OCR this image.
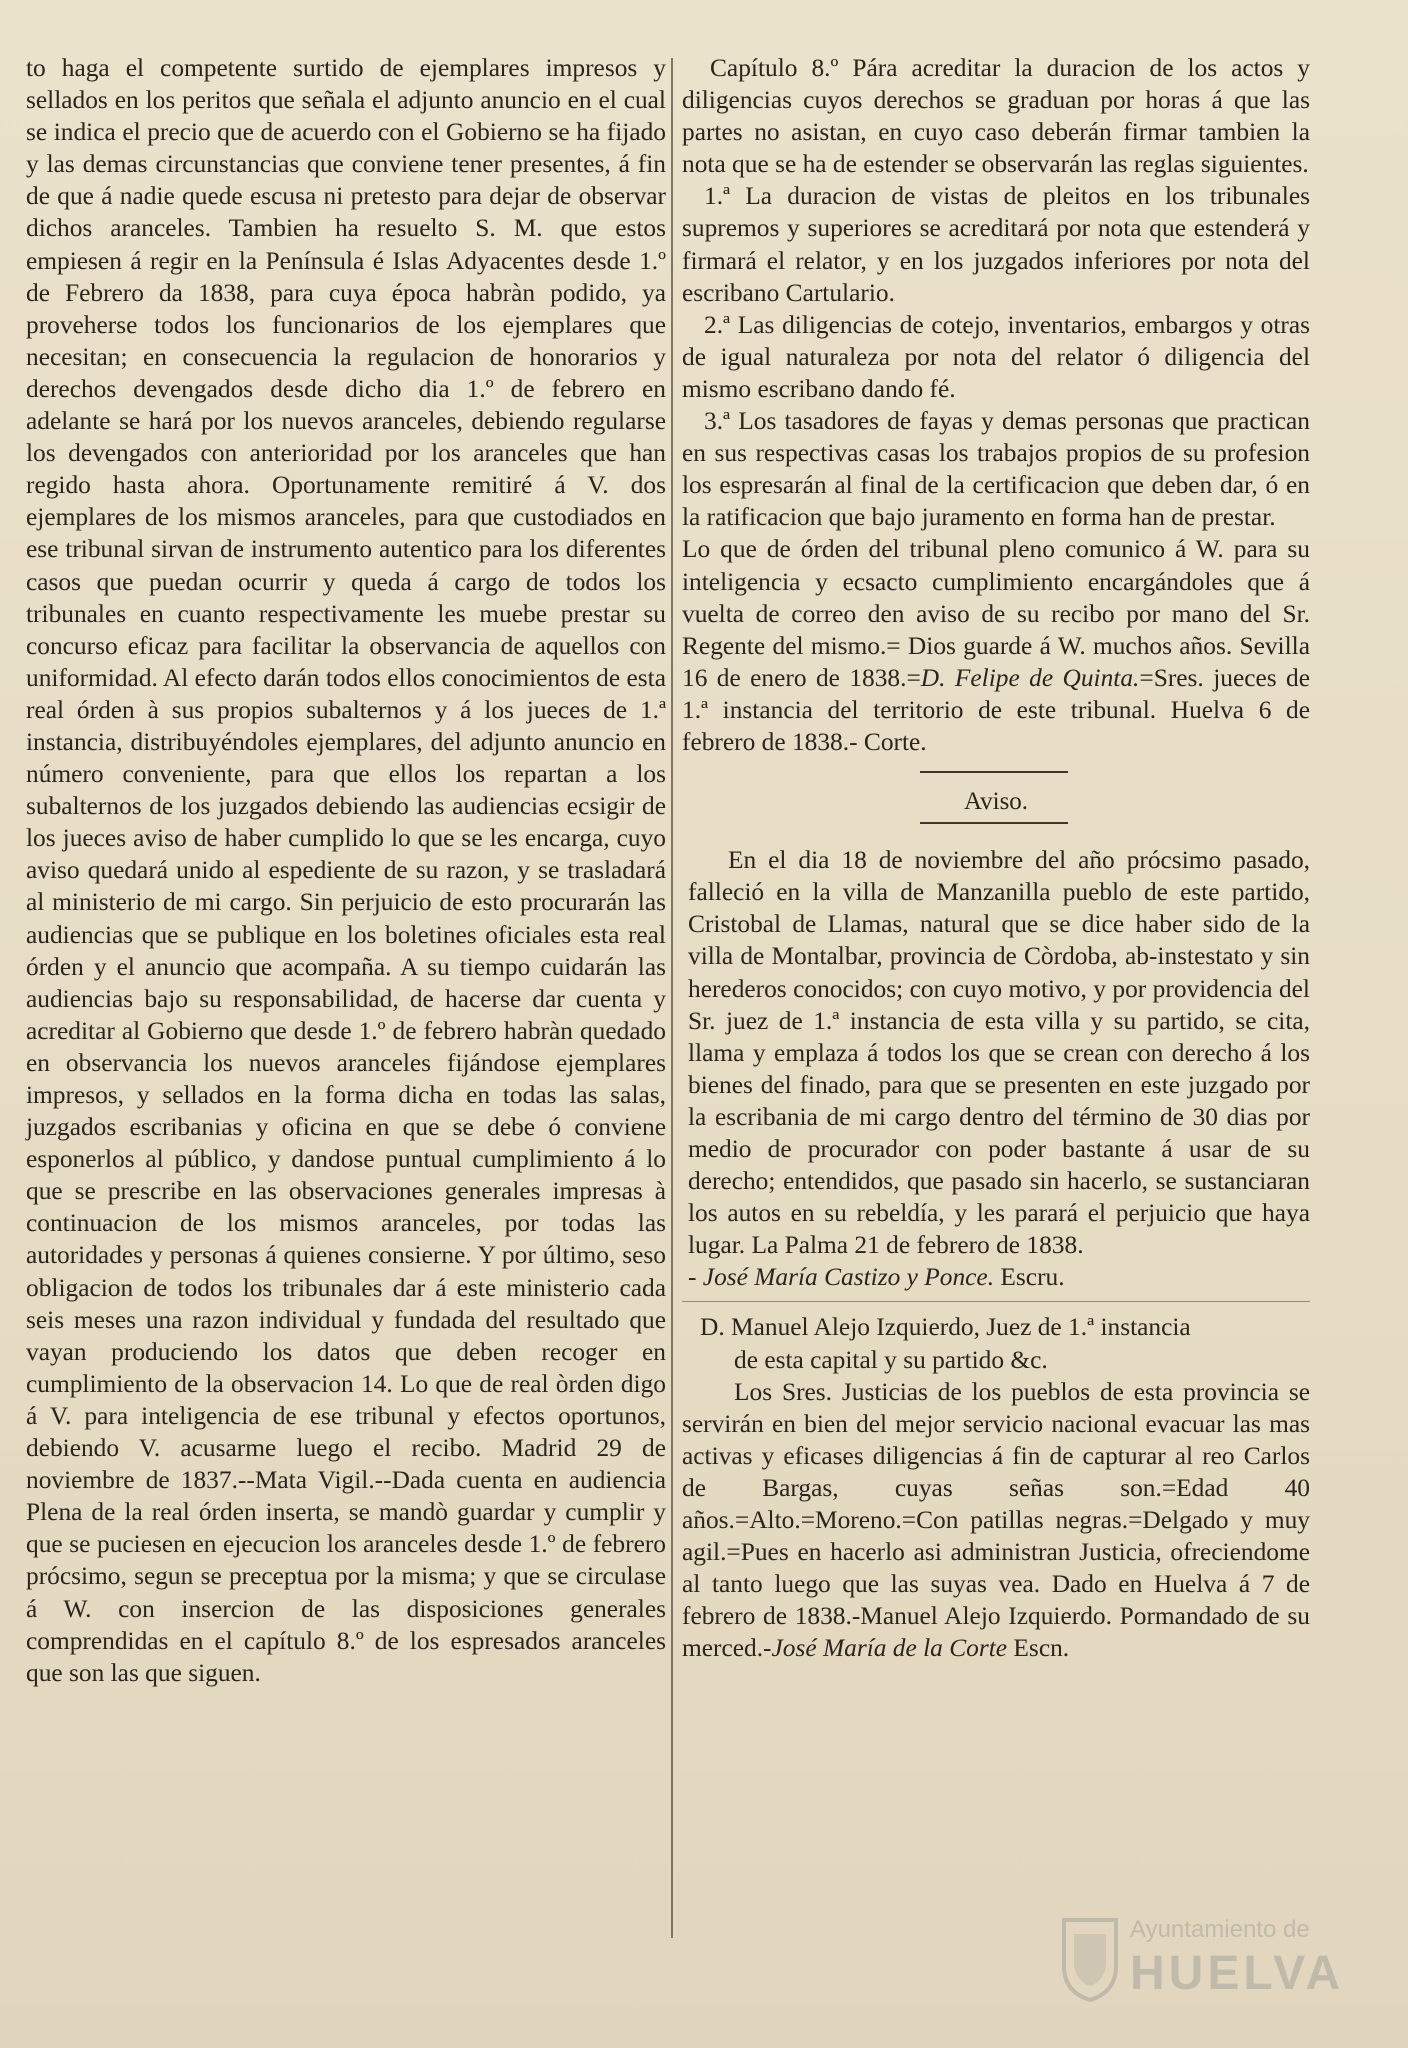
to haga el competente surtido de ejemplares impresos y sellados en los peritos que señala el adjunto anuncio en el cual se indica el precio que de acuerdo con el Gobierno se ha fijado y las demas circunstancias que conviene tener presentes, á fin de que á nadie quede escusa ni pretesto para dejar de observar dichos aranceles. Tambien ha resuelto S. M. que estos empiesen á regir en la Península é Islas Adyacentes desde 1.º de Febrero da 1838, para cuya época habràn podido, ya proveherse todos los funcionarios de los ejemplares que necesitan; en consecuencia la regulacion de honorarios y derechos devengados desde dicho dia 1.º de febrero en adelante se hará por los nuevos aranceles, debiendo regularse los devengados con anterioridad por los aranceles que han regido hasta ahora. Oportunamente remitiré á V. dos ejemplares de los mismos aranceles, para que custodiados en ese tribunal sirvan de instrumento autentico para los diferentes casos que puedan ocurrir y queda á cargo de todos los tribunales en cuanto respectivamente les muebe prestar su concurso eficaz para facilitar la observancia de aquellos con uniformidad. Al efecto darán todos ellos conocimientos de esta real órden à sus propios subalternos y á los jueces de 1.ª instancia, distribuyéndoles ejemplares, del adjunto anuncio en número conveniente, para que ellos los repartan a los subalternos de los juzgados debiendo las audiencias ecsigir de los jueces aviso de haber cumplido lo que se les encarga, cuyo aviso quedará unido al espediente de su razon, y se trasladará al ministerio de mi cargo. Sin perjuicio de esto procurarán las audiencias que se publique en los boletines oficiales esta real órden y el anuncio que acompaña. A su tiempo cuidarán las audiencias bajo su responsabilidad, de hacerse dar cuenta y acreditar al Gobierno que desde 1.º de febrero habràn quedado en observancia los nuevos aranceles fijándose ejemplares impresos, y sellados en la forma dicha en todas las salas, juzgados escribanias y oficina en que se debe ó conviene esponerlos al público, y dandose puntual cumplimiento á lo que se prescribe en las observaciones generales impresas à continuacion de los mismos aranceles, por todas las autoridades y personas á quienes consierne. Y por último, seso obligacion de todos los tribunales dar á este ministerio cada seis meses una razon individual y fundada del resultado que vayan produciendo los datos que deben recoger en cumplimiento de la observacion 14. Lo que de real òrden digo á V. para inteligencia de ese tribunal y efectos oportunos, debiendo V. acusarme luego el recibo. Madrid 29 de noviembre de 1837.--Mata Vigil.--Dada cuenta en audiencia Plena de la real órden inserta, se mandò guardar y cumplir y que se puciesen en ejecucion los aranceles desde 1.º de febrero prócsimo, segun se preceptua por la misma; y que se circulase á W. con insercion de las disposiciones generales comprendidas en el capítulo 8.º de los espresados aranceles que son las que siguen.

Capítulo 8.º Pára acreditar la duracion de los actos y diligencias cuyos derechos se graduan por horas á que las partes no asistan, en cuyo caso deberán firmar tambien la nota que se ha de estender se observarán las reglas siguientes.

1.ª La duracion de vistas de pleitos en los tribunales supremos y superiores se acreditará por nota que estenderá y firmará el relator, y en los juzgados inferiores por nota del escribano Cartulario.

2.ª Las diligencias de cotejo, inventarios, embargos y otras de igual naturaleza por nota del relator ó diligencia del mismo escribano dando fé.

3.ª Los tasadores de fayas y demas personas que practican en sus respectivas casas los trabajos propios de su profesion los espresarán al final de la certificacion que deben dar, ó en la ratificacion que bajo juramento en forma han de prestar.

Lo que de órden del tribunal pleno comunico á W. para su inteligencia y ecsacto cumplimiento encargándoles que á vuelta de correo den aviso de su recibo por mano del Sr. Regente del mismo.= Dios guarde á W. muchos años. Sevilla 16 de enero de 1838.=D. Felipe de Quinta.=Sres. jueces de 1.ª instancia del territorio de este tribunal. Huelva 6 de febrero de 1838.- Corte.

Aviso.

En el dia 18 de noviembre del año prócsimo pasado, falleció en la villa de Manzanilla pueblo de este partido, Cristobal de Llamas, natural que se dice haber sido de la villa de Montalbar, provincia de Còrdoba, ab-instestato y sin herederos conocidos; con cuyo motivo, y por providencia del Sr. juez de 1.ª instancia de esta villa y su partido, se cita, llama y emplaza á todos los que se crean con derecho á los bienes del finado, para que se presenten en este juzgado por la escribania de mi cargo dentro del término de 30 dias por medio de procurador con poder bastante á usar de su derecho; entendidos, que pasado sin hacerlo, se sustanciaran los autos en su rebeldía, y les parará el perjuicio que haya lugar. La Palma 21 de febrero de 1838.
- José María Castizo y Ponce. Escru.

D. Manuel Alejo Izquierdo, Juez de 1.ª instancia

de esta capital y su partido &c.

Los Sres. Justicias de los pueblos de esta provincia se servirán en bien del mejor servicio nacional evacuar las mas activas y eficases diligencias á fin de capturar al reo Carlos de Bargas, cuyas señas son.=Edad 40 años.=Alto.=Moreno.=Con patillas negras.=Delgado y muy agil.=Pues en hacerlo asi administran Justicia, ofreciendome al tanto luego que las suyas vea. Dado en Huelva á 7 de febrero de 1838.-Manuel Alejo Izquierdo. Pormandado de su merced.-José María de la Corte Escn.

Ayuntamiento de
HUELVA
